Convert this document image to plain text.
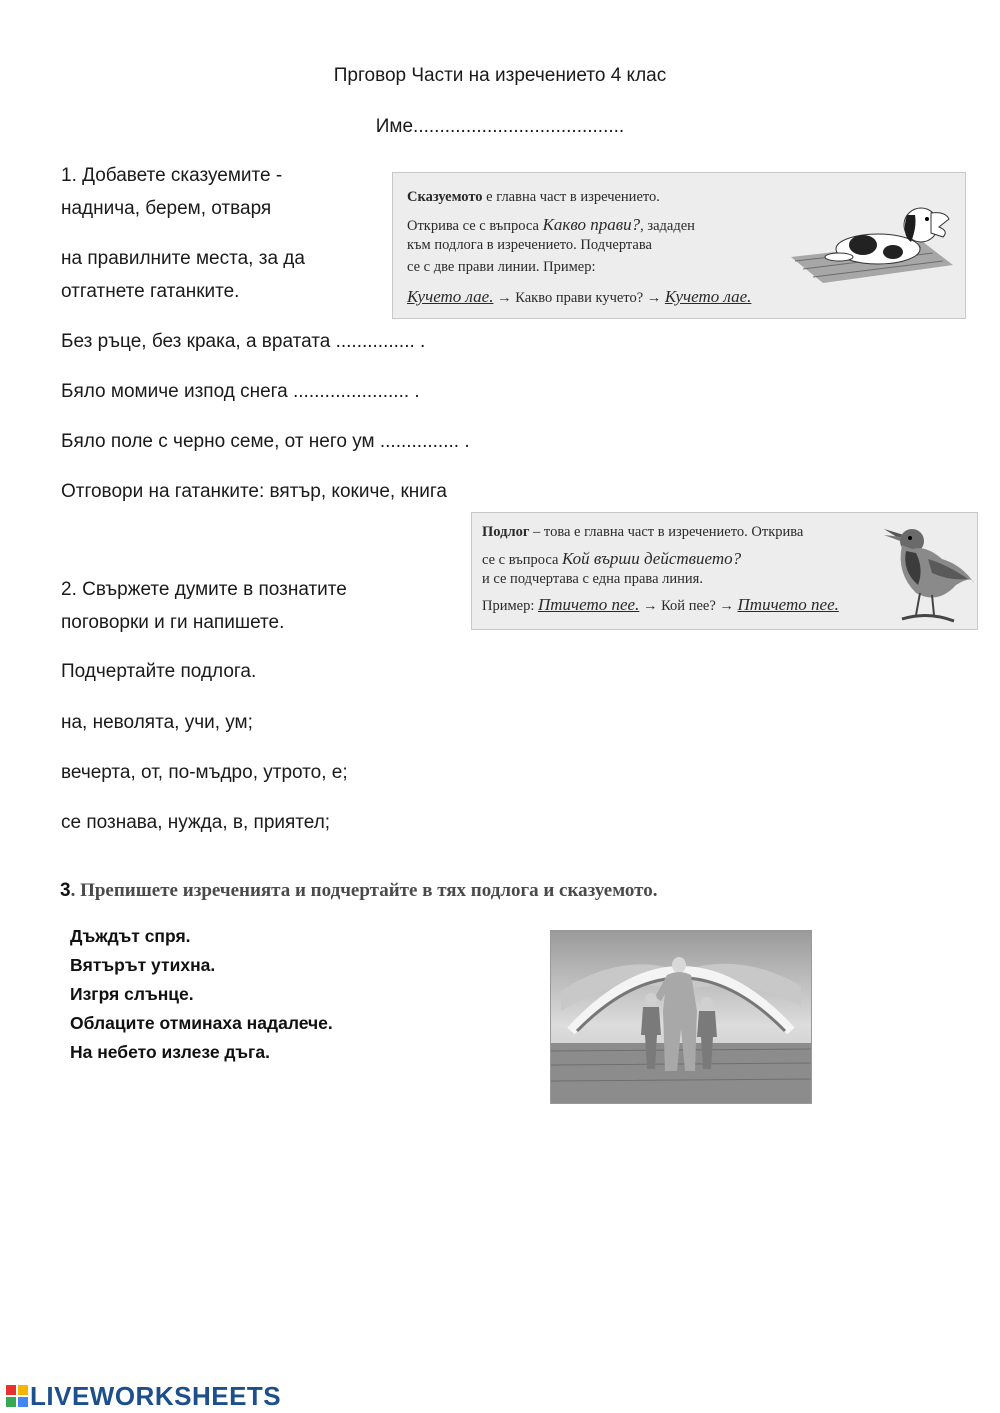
Прговор Части на изречението 4 клас
Име........................................
1. Добавете сказуемите -
наднича, берем, отваря
на правилните места, за да
отгатнете гатанките.
Без ръце, без крака, а вратата ............... .
Бяло момиче изпод снега ...................... .
Бяло поле с черно семе, от него ум ............... .
Отговори на гатанките: вятър, кокиче, книга
Сказуемото е главна част в изречението.
Открива се с въпроса Какво прави?, зададен
към подлога в изречението. Подчертава
се с две прави линии. Пример:
Кучето лае. → Какво прави кучето? → Кучето лае.
2. Свържете думите в познатите
поговорки и ги напишете.
Подчертайте подлога.
на, неволята, учи, ум;
вечерта, от, по-мъдро, утрото, е;
се познава, нужда, в, приятел;
Подлог – това е главна част в изречението. Открива
се с въпроса Кой върши действието?
и се подчертава с една права линия.
Пример: Птичето пее. → Кой пее? → Птичето пее.
3. Препишете изреченията и подчертайте в тях подлога и сказуемото.
Дъждът спря.
Вятърът утихна.
Изгря слънце.
Облаците отминаха надалече.
На небето излезе дъга.
LIVEWORKSHEETS
